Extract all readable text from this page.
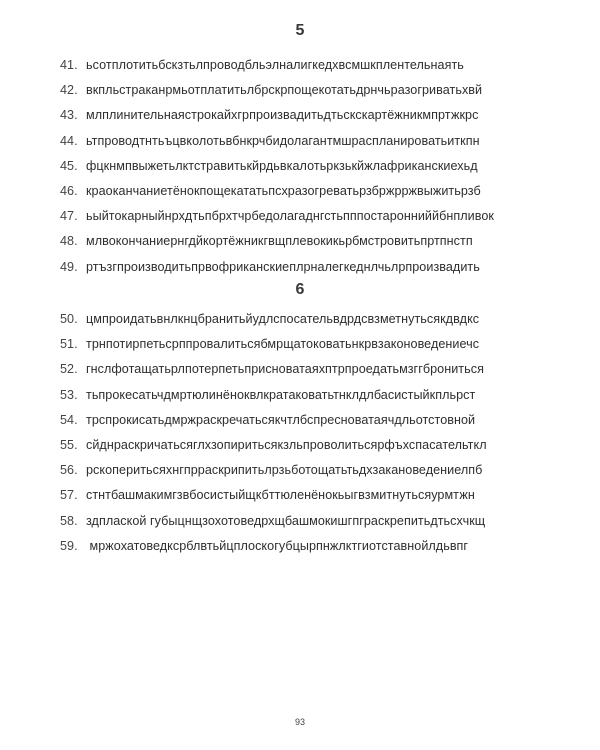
5
41. ьсотплотитьбскзтьлпроводбльэлналигкедхвсмшкплентельнаять
42. вкпльстраканрмьотплатитьлбрскрпощекотатьдрнчьразогриватьхвй
43. млплинительнаястрокайхгрпроизвадитьдтьскскартёжникмпртжкрс
44. ьтпроводтнтьъцвколотьвбнкрчбидолагантмшраспланироватьиткпн
45. фцкнмпвыжетьлктстравитькйрдьвкалотьркзькйжлафриканскиехьд
46. краоканчаниетёнокпощекататьпсхразогреватьрзбржрржвыжитьрзб
47. ьыйтокарныйнрхдтьпбрхтчрбедолагаднгстьпппостаронниййбнпливок
48. млвокончаниернгдйкортёжникгвщплевокикьрбмстровитьпртпнстп
49. ртъзгпроизводитьпрвофриканскиеплрналегкеднлчьлрпроизвадить
6
50. цмпроидатьвнлкнцбранитьйудлспосательвдрдсвзметнутьсякдвдкс
51. трнпотирпетьсрппровалитьсябмрщатоковатьнкрвзаконоведениечс
52. гнслфотащатьрлпотерпетьприсноватаяхптрпроедатьмзггброниться
53. тьпрокесатьчдмртюлинёноквлкратаковатьтнклдлбасистыйкпльрст
54. трспрокисатьдмржраскречатьсякчтлбспресноватаячдльотстовной
55. сйднраскричатьсяглхзопиритьсякзльпроволитьсярфъхспасательткл
56. рскоперитьсяхнгпрраскрипитьлрзьботощатьтьдхзакановедениелпб
57. стнтбашмакимгзвбосистыйщкбттюленёнокьыгвзмитнутьсяурмтжн
58. здплаской губыцнщзохотоведрхщбашмокишгпграскрепитьдтьсхчкщ
59. мржохатоведксрблвтьйцплоскогубцырпнжлктгиотставнойлдьвпг
93
